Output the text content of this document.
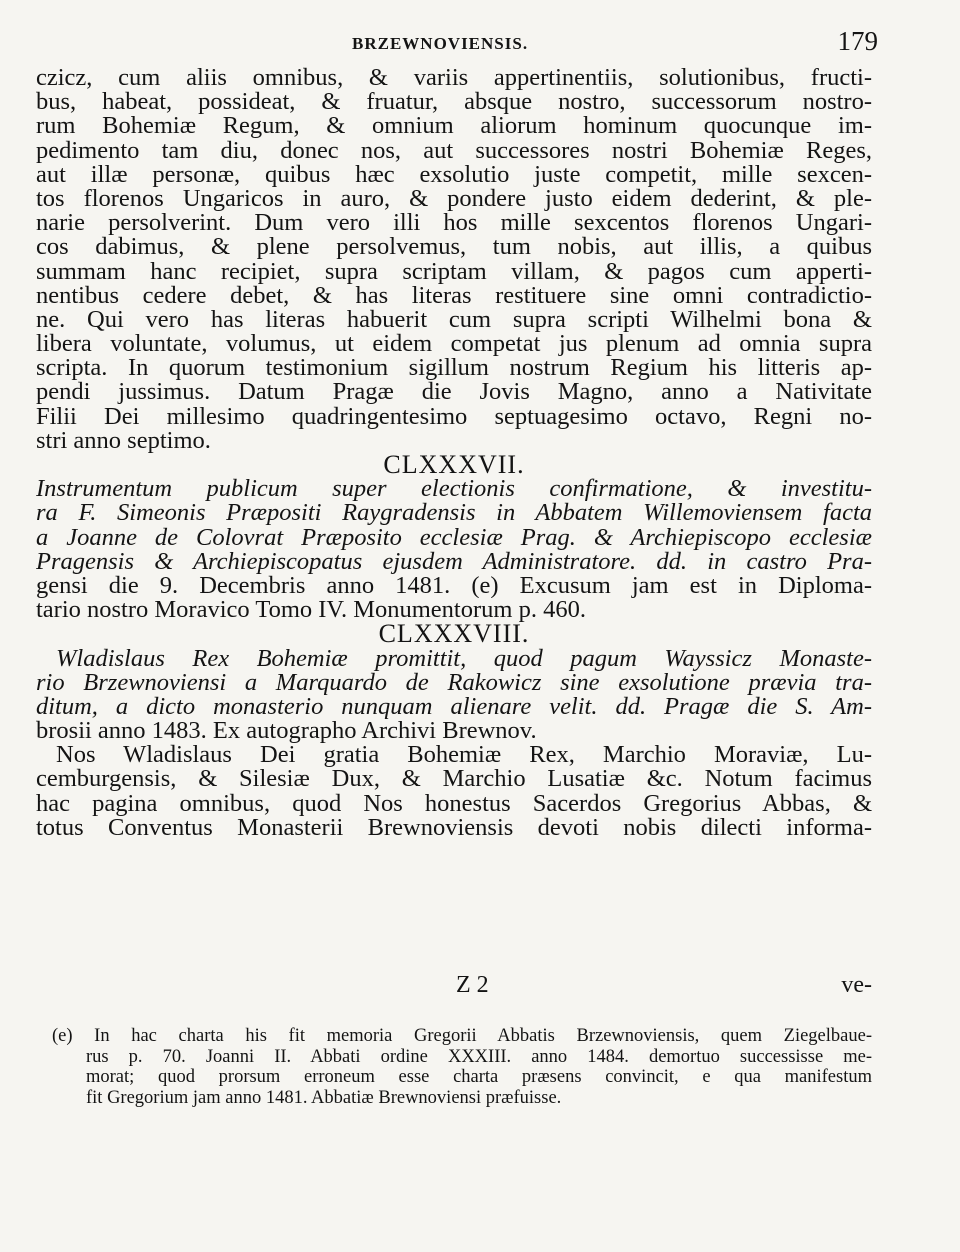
BRZEWNOVIENSIS.	179
czicz, cum aliis omnibus, & variis appertinentiis, solutionibus, fructi-
bus, habeat, possideat, & fruatur, absque nostro, successorum nostro-
rum Bohemiæ Regum, & omnium aliorum hominum quocunque im-
pedimento tam diu, donec nos, aut successores nostri Bohemiæ Reges,
aut illæ personæ, quibus hæc exsolutio juste competit, mille sexcen-
tos florenos Ungaricos in auro, & pondere justo eidem dederint, & ple-
narie persolverint. Dum vero illi hos mille sexcentos florenos Ungari-
cos dabimus, & plene persolvemus, tum nobis, aut illis, a quibus
summam hanc recipiet, supra scriptam villam, & pagos cum apperti-
nentibus cedere debet, & has literas restituere sine omni contradictio-
ne. Qui vero has literas habuerit cum supra scripti Wilhelmi bona &
libera voluntate, volumus, ut eidem competat jus plenum ad omnia supra
scripta. In quorum testimonium sigillum nostrum Regium his litteris ap-
pendi jussimus. Datum Pragæ die Jovis Magno, anno a Nativitate
Filii Dei millesimo quadringentesimo septuagesimo octavo, Regni no-
stri anno septimo.
CLXXXVII.
Instrumentum publicum super electionis confirmatione, & investitu-
ra F. Simeonis Præpositi Raygradensis in Abbatem Willemoviensem facta
a Joanne de Colovrat Præposito ecclesiæ Prag. & Archiepiscopo ecclesiæ
Pragensis & Archiepiscopatus ejusdem Administratore. dd. in castro Pra-
gensi die 9. Decembris anno 1481. (e) Excusum jam est in Diploma-
tario nostro Moravico Tomo IV. Monumentorum p. 460.
CLXXXVIII.
Wladislaus Rex Bohemiæ promittit, quod pagum Wayssicz Monaste-
rio Brzewnoviensi a Marquardo de Rakowicz sine exsolutione prævia tra-
ditum, a dicto monasterio nunquam alienare velit. dd. Pragæ die S. Am-
brosii anno 1483. Ex autographo Archivi Brewnov.
Nos Wladislaus Dei gratia Bohemiæ Rex, Marchio Moraviæ, Lu-
cemburgensis, & Silesiæ Dux, & Marchio Lusatiæ &c. Notum facimus
hac pagina omnibus, quod Nos honestus Sacerdos Gregorius Abbas, &
totus Conventus Monasterii Brewnoviensis devoti nobis dilecti informa-
Z 2	ve-
(e) In hac charta his fit memoria Gregorii Abbatis Brzewnoviensis, quem Ziegelbaue-
rus p. 70. Joanni II. Abbati ordine XXXIII. anno 1484. demortuo successisse me-
morat; quod prorsum erroneum esse charta præsens convincit, e qua manifestum
fit Gregorium jam anno 1481. Abbatiæ Brewnoviensi præfuisse.
